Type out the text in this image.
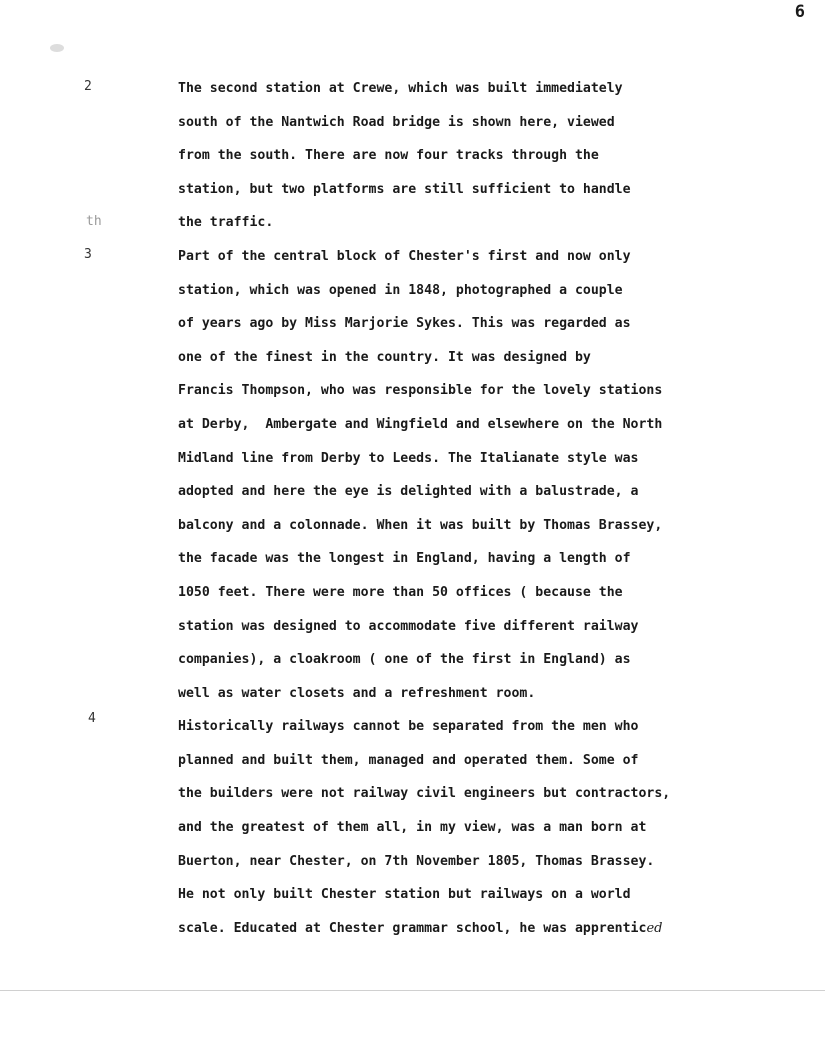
6
2
th
3
4
The second station at Crewe, which was built immediately
south of the Nantwich Road bridge is shown here, viewed
from the south. There are now four tracks through the
station, but two platforms are still sufficient to handle
the traffic.
Part of the central block of Chester's first and now only
station, which was opened in 1848, photographed a couple
of years ago by Miss Marjorie Sykes. This was regarded as
one of the finest in the country. It was designed by
Francis Thompson, who was responsible for the lovely stations
at Derby,  Ambergate and Wingfield and elsewhere on the North
Midland line from Derby to Leeds. The Italianate style was
adopted and here the eye is delighted with a balustrade, a
balcony and a colonnade. When it was built by Thomas Brassey,
the facade was the longest in England, having a length of
1050 feet. There were more than 50 offices ( because the
station was designed to accommodate five different railway
companies), a cloakroom ( one of the first in England) as
well as water closets and a refreshment room.
Historically railways cannot be separated from the men who
planned and built them, managed and operated them. Some of
the builders were not railway civil engineers but contractors,
and the greatest of them all, in my view, was a man born at
Buerton, near Chester, on 7th November 1805, Thomas Brassey.
He not only built Chester station but railways on a world
scale. Educated at Chester grammar school, he was apprenticed
